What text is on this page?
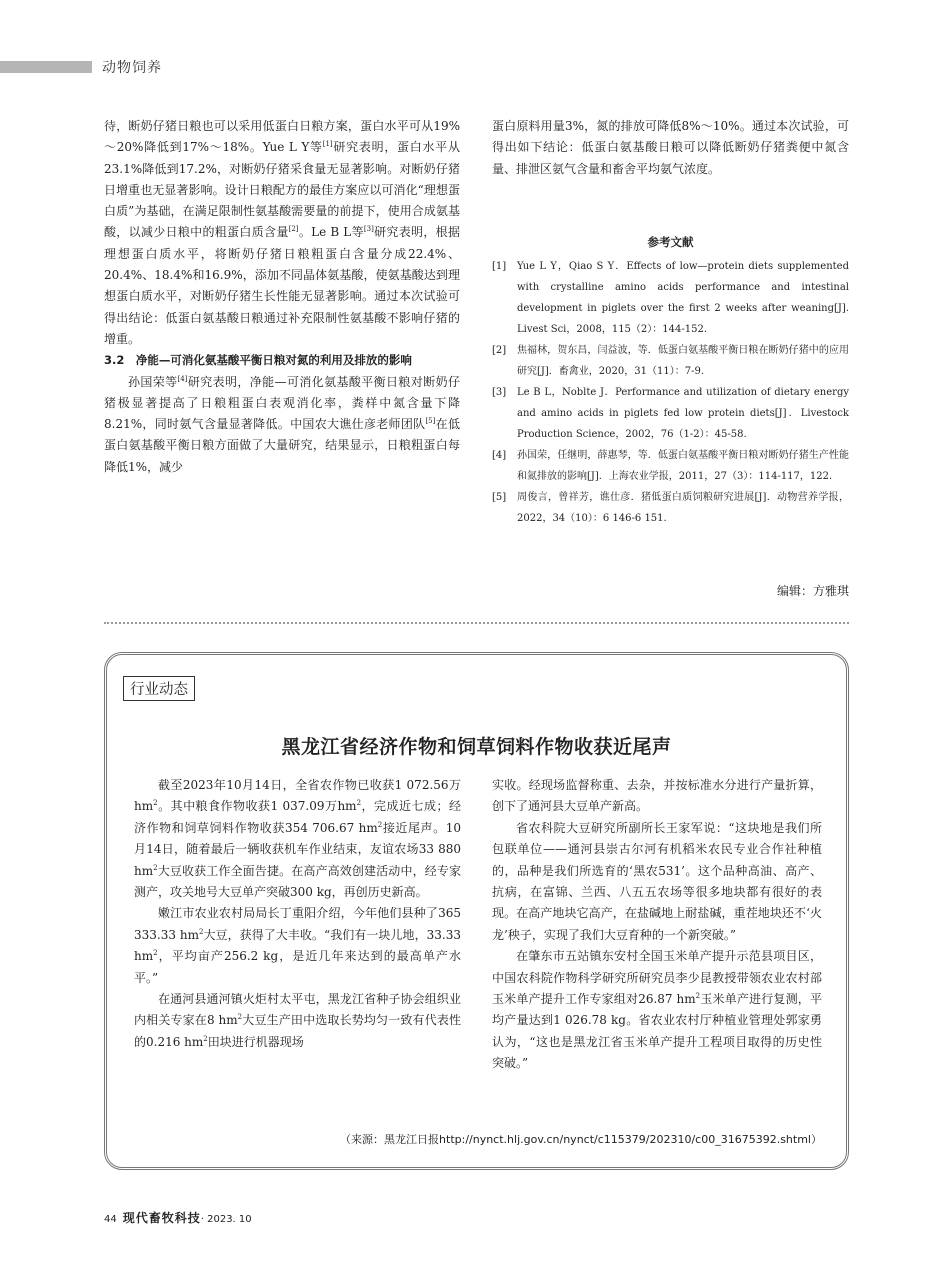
动物饲养

待，断奶仔猪日粮也可以采用低蛋白日粮方案，蛋白水平可从19%～20%降低到17%～18%。Yue L Y等[1]研究表明，蛋白水平从23.1%降低到17.2%，对断奶仔猪采食量无显著影响。对断奶仔猪日增重也无显著影响。设计日粮配方的最佳方案应以可消化“理想蛋白质”为基础，在满足限制性氨基酸需要量的前提下，使用合成氨基酸，以减少日粮中的粗蛋白质含量[2]。Le B L等[3]研究表明，根据理想蛋白质水平，将断奶仔猪日粮粗蛋白含量分成22.4%、20.4%、18.4%和16.9%，添加不同晶体氨基酸，使氨基酸达到理想蛋白质水平，对断奶仔猪生长性能无显著影响。通过本次试验可得出结论：低蛋白氨基酸日粮通过补充限制性氨基酸不影响仔猪的增重。

3.2　净能—可消化氨基酸平衡日粮对氮的利用及排放的影响

孙国荣等[4]研究表明，净能—可消化氨基酸平衡日粮对断奶仔猪极显著提高了日粮粗蛋白表观消化率，粪样中氮含量下降8.21%，同时氨气含量显著降低。中国农大谯仕彦老师团队[5]在低蛋白氨基酸平衡日粮方面做了大量研究，结果显示，日粮粗蛋白每降低1%，减少

蛋白原料用量3%，氮的排放可降低8%～10%。通过本次试验，可得出如下结论：低蛋白氨基酸日粮可以降低断奶仔猪粪便中氮含量、排泄区氨气含量和畜舍平均氨气浓度。

参考文献
[1]	Yue L Y，Qiao S Y．Effects of low—protein diets supplemented with crystalline amino acids performance and intestinal development in piglets over the first 2 weeks after weaning[J]. Livest Sci，2008，115（2）：144-152.
[2]	焦福林，贺东昌，闫益波，等．低蛋白氨基酸平衡日粮在断奶仔猪中的应用研究[J]．畜禽业，2020，31（11）：7-9.
[3]	Le B L，Noblte J．Performance and utilization of dietary energy and amino acids in piglets fed low protein diets[J]．Livestock Production Science，2002，76（1-2）：45-58.
[4]	孙国荣，任继明，薛惠琴，等．低蛋白氨基酸平衡日粮对断奶仔猪生产性能和氮排放的影响[J]．上海农业学报，2011，27（3）：114-117，122.
[5]	周俊言，曾祥芳，谯仕彦．猪低蛋白质饲粮研究进展[J]．动物营养学报，2022，34（10）：6 146-6 151.
编辑：方雅琪
行业动态
黑龙江省经济作物和饲草饲料作物收获近尾声

截至2023年10月14日，全省农作物已收获1 072.56万$hm^2$。其中粮食作物收获1 037.09万$hm^2$，完成近七成；经济作物和饲草饲料作物收获354 706.67 $hm^2$接近尾声。10月14日，随着最后一辆收获机车作业结束，友谊农场33 880 $hm^2$大豆收获工作全面告捷。在高产高效创建活动中，经专家测产，攻关地号大豆单产突破300 kg，再创历史新高。

嫩江市农业农村局局长丁重阳介绍，今年他们县种了365 333.33 $hm^2$大豆，获得了大丰收。“我们有一块儿地，33.33 $hm^2$，平均亩产256.2 kg，是近几年来达到的最高单产水平。”

在通河县通河镇火炬村太平屯，黑龙江省种子协会组织业内相关专家在8 $hm^2$大豆生产田中选取长势均匀一致有代表性的0.216 $hm^2$田块进行机器现场

实收。经现场监督称重、去杂，并按标准水分进行产量折算，创下了通河县大豆单产新高。

省农科院大豆研究所副所长王家军说：“这块地是我们所包联单位——通河县崇古尔河有机稻米农民专业合作社种植的，品种是我们所选育的‘黑农531’。这个品种高油、高产、抗病，在富锦、兰西、八五五农场等很多地块都有很好的表现。在高产地块它高产，在盐碱地上耐盐碱，重茬地块还不‘火龙’秧子，实现了我们大豆育种的一个新突破。”

在肇东市五站镇东安村全国玉米单产提升示范县项目区，中国农科院作物科学研究所研究员李少昆教授带领农业农村部玉米单产提升工作专家组对26.87 $hm^2$玉米单产进行复测，平均产量达到1 026.78 kg。省农业农村厅种植业管理处郭家勇认为，“这也是黑龙江省玉米单产提升工程项目取得的历史性突破。”

（来源：黑龙江日报http://nynct.hlj.gov.cn/nynct/c115379/202310/c00_31675392.shtml）
44 现代畜牧科技· 2023. 10
